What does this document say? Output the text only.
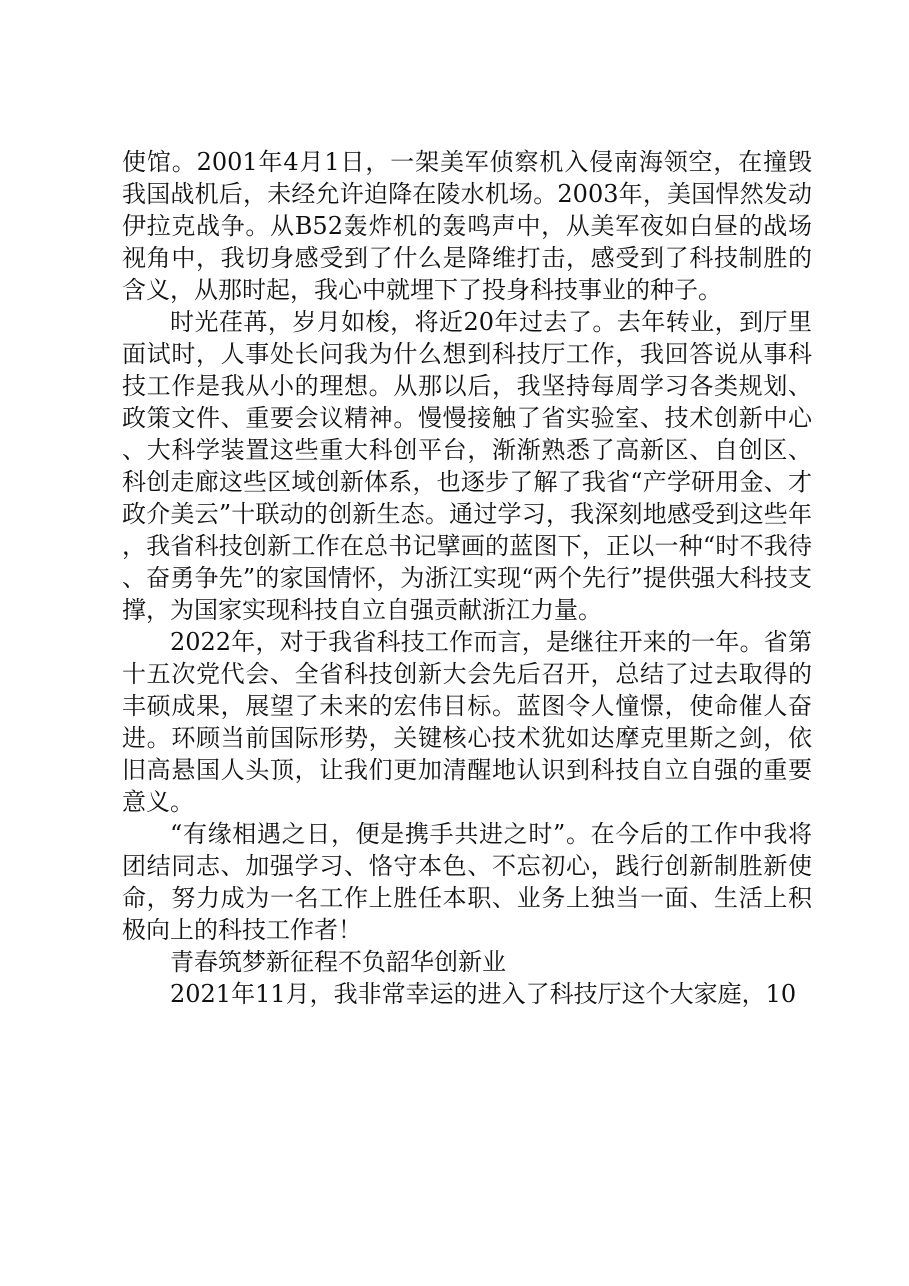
使馆。2001年4月1日，一架美军侦察机入侵南海领空，在撞毁我国战机后，未经允许迫降在陵水机场。2003年，美国悍然发动伊拉克战争。从B52轰炸机的轰鸣声中，从美军夜如白昼的战场视角中，我切身感受到了什么是降维打击，感受到了科技制胜的含义，从那时起，我心中就埋下了投身科技事业的种子。

时光荏苒，岁月如梭，将近20年过去了。去年转业，到厅里面试时，人事处长问我为什么想到科技厅工作，我回答说从事科技工作是我从小的理想。从那以后，我坚持每周学习各类规划、政策文件、重要会议精神。慢慢接触了省实验室、技术创新中心、大科学装置这些重大科创平台，渐渐熟悉了高新区、自创区、科创走廊这些区域创新体系，也逐步了解了我省“产学研用金、才政介美云”十联动的创新生态。通过学习，我深刻地感受到这些年，我省科技创新工作在总书记擘画的蓝图下，正以一种“时不我待、奋勇争先”的家国情怀，为浙江实现“两个先行”提供强大科技支撑，为国家实现科技自立自强贡献浙江力量。

2022年，对于我省科技工作而言，是继往开来的一年。省第十五次党代会、全省科技创新大会先后召开，总结了过去取得的丰硕成果，展望了未来的宏伟目标。蓝图令人憧憬，使命催人奋进。环顾当前国际形势，关键核心技术犹如达摩克里斯之剑，依旧高悬国人头顶，让我们更加清醒地认识到科技自立自强的重要意义。

“有缘相遇之日，便是携手共进之时”。在今后的工作中我将团结同志、加强学习、恪守本色、不忘初心，践行创新制胜新使命，努力成为一名工作上胜任本职、业务上独当一面、生活上积极向上的科技工作者！

青春筑梦新征程不负韶华创新业

2021年11月，我非常幸运的进入了科技厅这个大家庭，10
